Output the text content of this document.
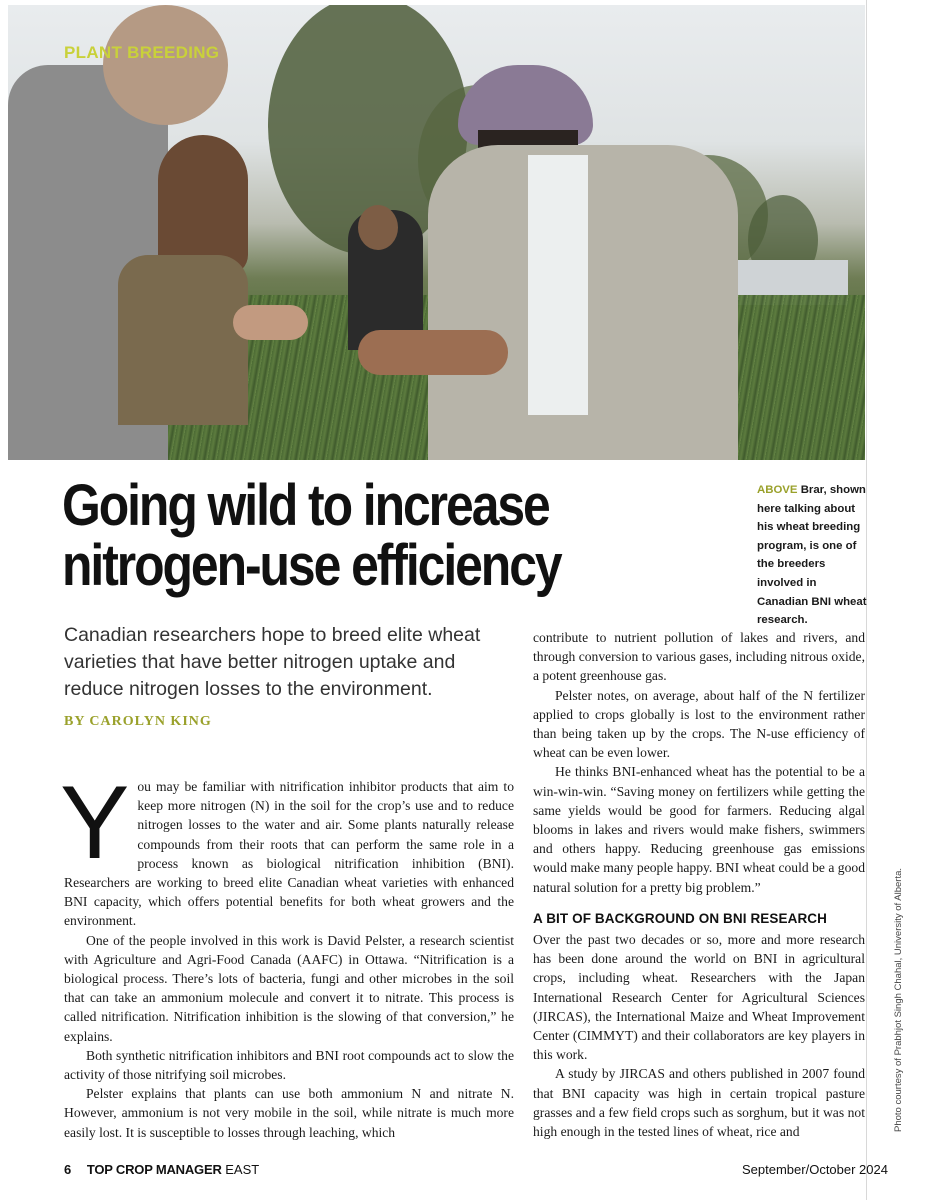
PLANT BREEDING
ABOVE Brar, shown here talking about his wheat breeding program, is one of the breeders involved in Canadian BNI wheat research.
Going wild to increase
nitrogen-use efficiency

Canadian researchers hope to breed elite wheat varieties that have better nitrogen uptake and reduce nitrogen losses to the environment.

BY CAROLYN KING

You may be familiar with nitrification inhibitor products that aim to keep more nitrogen (N) in the soil for the crop’s use and to reduce nitrogen losses to the water and air. Some plants naturally release compounds from their roots that can perform the same role in a process known as biological nitrification inhibition (BNI). Researchers are working to breed elite Canadian wheat varieties with enhanced BNI capacity, which offers potential benefits for both wheat growers and the environment.

One of the people involved in this work is David Pelster, a research scientist with Agriculture and Agri-Food Canada (AAFC) in Ottawa. “Nitrification is a biological process. There’s lots of bacteria, fungi and other microbes in the soil that can take an ammonium molecule and convert it to nitrate. This process is called nitrification. Nitrification inhibition is the slowing of that conversion,” he explains.

Both synthetic nitrification inhibitors and BNI root compounds act to slow the activity of those nitrifying soil microbes.

Pelster explains that plants can use both ammonium N and nitrate N. However, ammonium is not very mobile in the soil, while nitrate is much more easily lost. It is susceptible to losses through leaching, which

contribute to nutrient pollution of lakes and rivers, and through conversion to various gases, including nitrous oxide, a potent greenhouse gas.

Pelster notes, on average, about half of the N fertilizer applied to crops globally is lost to the environment rather than being taken up by the crops. The N-use efficiency of wheat can be even lower.

He thinks BNI-enhanced wheat has the potential to be a win-win-win. “Saving money on fertilizers while getting the same yields would be good for farmers. Reducing algal blooms in lakes and rivers would make fishers, swimmers and others happy. Reducing greenhouse gas emissions would make many people happy. BNI wheat could be a good natural solution for a pretty big problem.”

A BIT OF BACKGROUND ON BNI RESEARCH

Over the past two decades or so, more and more research has been done around the world on BNI in agricultural crops, including wheat. Researchers with the Japan International Research Center for Agricultural Sciences (JIRCAS), the International Maize and Wheat Improvement Center (CIMMYT) and their collaborators are key players in this work.

A study by JIRCAS and others published in 2007 found that BNI capacity was high in certain tropical pasture grasses and a few field crops such as sorghum, but it was not high enough in the tested lines of wheat, rice and	Photo courtesy of Prabhjot Singh Chahal, University of Alberta.
6 TOP CROP MANAGER EAST	September/October 2024
